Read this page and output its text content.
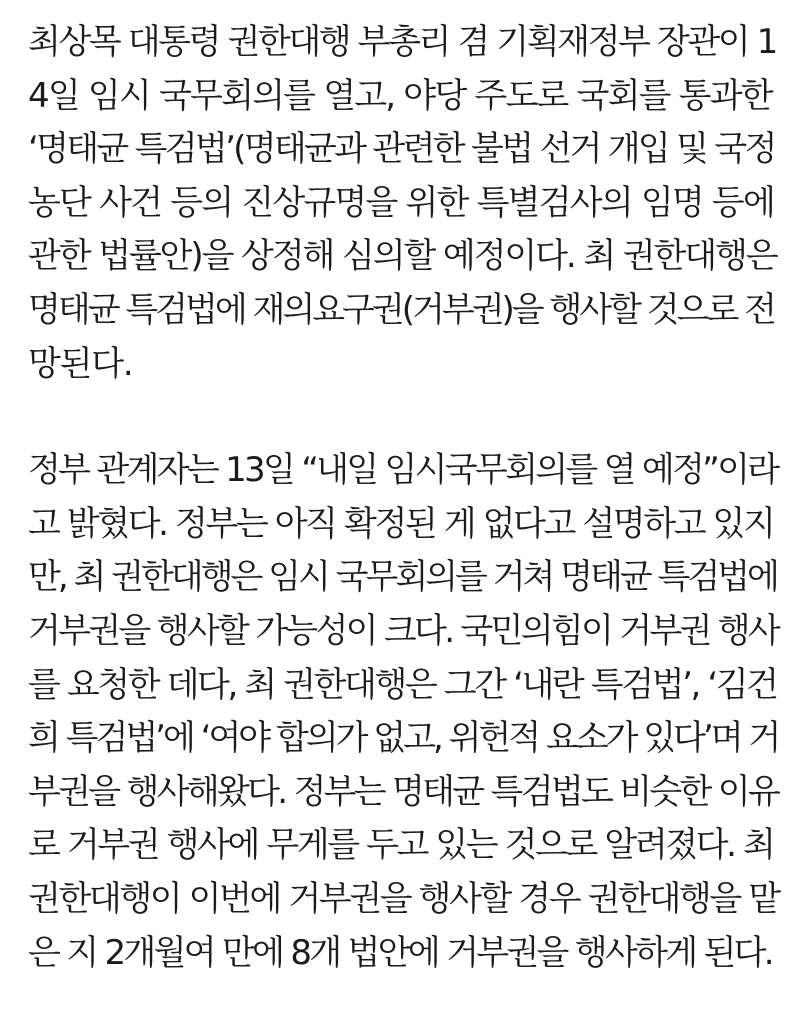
최상목 대통령 권한대행 부총리 겸 기획재정부 장관이 1
4일 임시 국무회의를 열고, 야당 주도로 국회를 통과한
‘명태균 특검법’(명태균과 관련한 불법 선거 개입 및 국정
농단 사건 등의 진상규명을 위한 특별검사의 임명 등에
관한 법률안)을 상정해 심의할 예정이다. 최 권한대행은
명태균 특검법에 재의요구권(거부권)을 행사할 것으로 전
망된다.
정부 관계자는 13일 “내일 임시국무회의를 열 예정”이라
고 밝혔다. 정부는 아직 확정된 게 없다고 설명하고 있지
만, 최 권한대행은 임시 국무회의를 거쳐 명태균 특검법에
거부권을 행사할 가능성이 크다. 국민의힘이 거부권 행사
를 요청한 데다, 최 권한대행은 그간 ‘내란 특검법’, ‘김건
희 특검법’에 ‘여야 합의가 없고, 위헌적 요소가 있다’며 거
부권을 행사해왔다. 정부는 명태균 특검법도 비슷한 이유
로 거부권 행사에 무게를 두고 있는 것으로 알려졌다. 최
권한대행이 이번에 거부권을 행사할 경우 권한대행을 맡
은 지 2개월여 만에 8개 법안에 거부권을 행사하게 된다.
